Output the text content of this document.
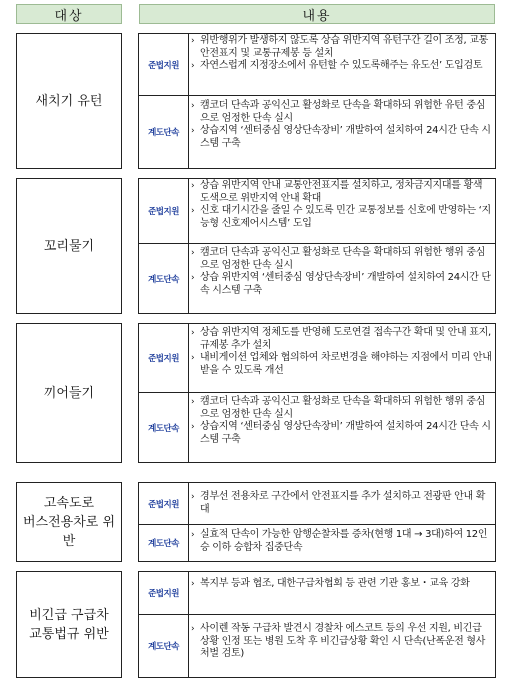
대상	내용
새치기 유턴
준법지원
› 위반행위가 발생하지 않도록 상습 위반지역 유턴구간 길이 조정, 교통안전표지 및 교통규제봉 등 설치
› 자연스럽게 지정장소에서 유턴할 수 있도록해주는 유도선’ 도입검토
계도단속
› 캠코더 단속과 공익신고 활성화로 단속을 확대하되 위험한 유턴 중심으로 엄정한 단속 실시
› 상습지역 ‘센터중심 영상단속장비’ 개발하여 설치하여 24시간 단속 시스템 구축
꼬리물기
준법지원
› 상습 위반지역 안내 교통안전표지를 설치하고, 정차금지지대를 황색 도색으로 위반지역 안내 확대
› 신호 대기시간을 줄일 수 있도록 민간 교통정보를 신호에 반영하는 ‘지능형 신호제어시스템’ 도입
계도단속
› 캠코더 단속과 공익신고 활성화로 단속을 확대하되 위험한 행위 중심으로 엄정한 단속 실시
› 상습 위반지역 ‘센터중심 영상단속장비’ 개발하여 설치하여 24시간 단속 시스템 구축
끼어들기
준법지원
› 상습 위반지역 정체도를 반영해 도로연결 접속구간 확대 및 안내 표지, 규제봉 추가 설치
› 내비게이션 업체와 협의하여 차로변경을 해야하는 지점에서 미리 안내받을 수 있도록 개선
계도단속
› 캠코더 단속과 공익신고 활성화로 단속을 확대하되 위험한 행위 중심으로 엄정한 단속 실시
› 상습지역 ‘센터중심 영상단속장비’ 개발하여 설치하여 24시간 단속 시스템 구축
고속도로
버스전용차로 위반
준법지원
› 경부선 전용차로 구간에서 안전표지를 추가 설치하고 전광판 안내 확대
계도단속
› 실효적 단속이 가능한 암행순찰차를 증차(현행 1대 → 3대)하여 12인승 이하 승합차 집중단속
비긴급 구급차
교통법규 위반
준법지원
› 복지부 등과 협조, 대한구급차협회 등 관련 기관 홍보・교육 강화
계도단속
› 사이렌 작동 구급차 발견시 경찰차 에스코트 등의 우선 지원, 비긴급 상황 인정 또는 병원 도착 후 비긴급상황 확인 시 단속(난폭운전 형사처벌 검토)
